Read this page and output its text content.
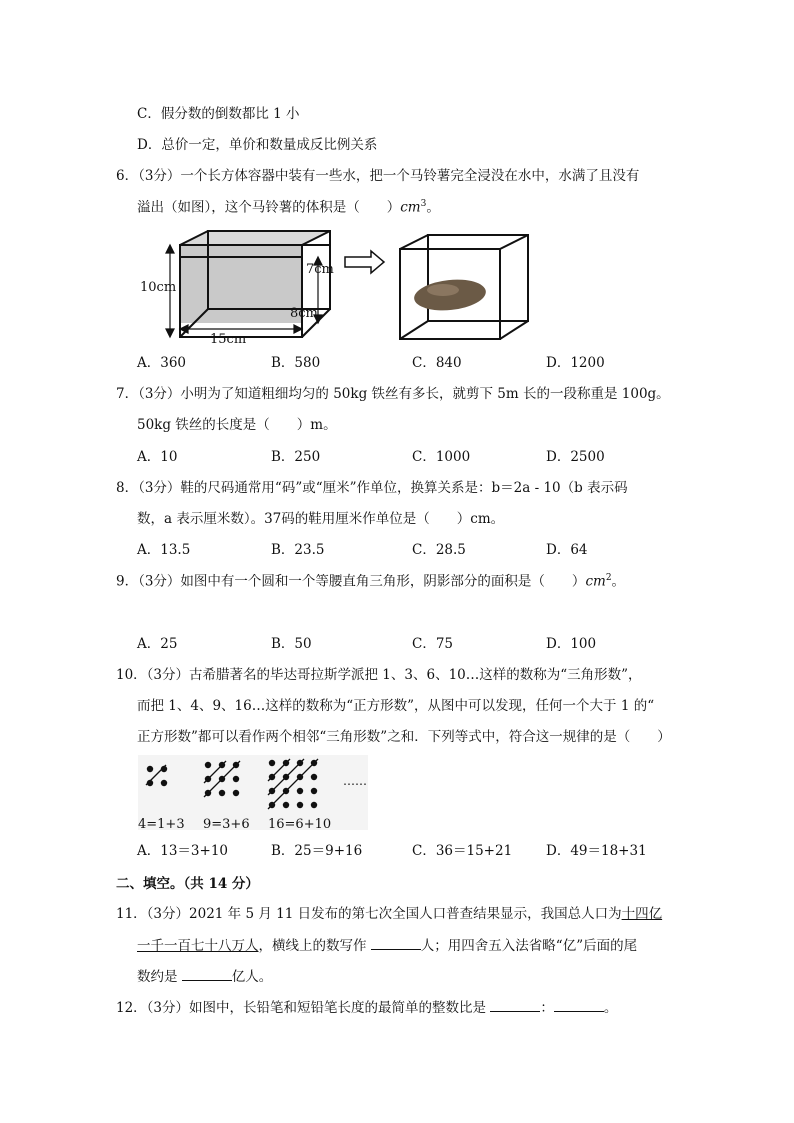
C．假分数的倒数都比 1 小
D．总价一定，单价和数量成反比例关系
6．（3分）一个长方体容器中装有一些水，把一个马铃薯完全浸没在水中，水满了且没有
溢出（如图），这个马铃薯的体积是（　　）$cm^3$。
10cm
15cm
7cm
8cm
A．360	B．580	C．840	D．1200
7．（3分）小明为了知道粗细均匀的 50kg 铁丝有多长，就剪下 5m 长的一段称重是 100g。
50kg 铁丝的长度是（　　）m。
A．10	B．250	C．1000	D．2500
8．（3分）鞋的尺码通常用“码”或“厘米”作单位，换算关系是：b＝2a - 10（b 表示码
数，a 表示厘米数）。37码的鞋用厘米作单位是（　　）cm。
A．13.5	B．23.5	C．28.5	D．64
9．（3分）如图中有一个圆和一个等腰直角三角形，阴影部分的面积是（　　）$cm^2$。
A．25	B．50	C．75	D．100
10．（3分）古希腊著名的毕达哥拉斯学派把 1、3、6、10…这样的数称为“三角形数”，
而把 1、4、9、16…这样的数称为“正方形数”，从图中可以发现，任何一个大于 1 的“
正方形数”都可以看作两个相邻“三角形数”之和．下列等式中，符合这一规律的是（　　）
……
4=1+3 9=3+6 16=6+10
A．13＝3+10	B．25＝9+16	C．36＝15+21	D．49＝18+31
二、填空。（共 14 分）
11．（3分）2021 年 5 月 11 日发布的第七次全国人口普查结果显示，我国总人口为十四亿
一千一百七十八万人，横线上的数写作	人；用四舍五入法省略“亿”后面的尾
数约是	亿人。
12．（3分）如图中，长铅笔和短铅笔长度的最简单的整数比是	：	。
